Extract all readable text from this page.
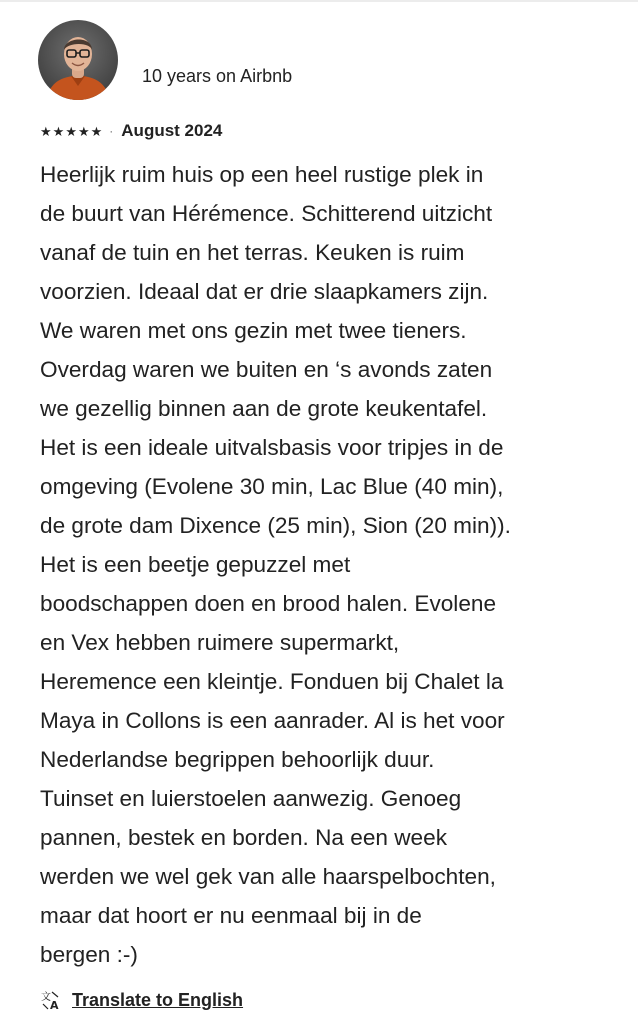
10 years on Airbnb
★ ★ ★ ★ ★ · August 2024

Heerlijk ruim huis op een heel rustige plek in
de buurt van Hérémence. Schitterend uitzicht
vanaf de tuin en het terras. Keuken is ruim
voorzien. Ideaal dat er drie slaapkamers zijn.
We waren met ons gezin met twee tieners.
Overdag waren we buiten en ‘s avonds zaten
we gezellig binnen aan de grote keukentafel.
Het is een ideale uitvalsbasis voor tripjes in de
omgeving (Evolene 30 min, Lac Blue (40 min),
de grote dam Dixence (25 min), Sion (20 min)).
Het is een beetje gepuzzel met
boodschappen doen en brood halen. Evolene
en Vex hebben ruimere supermarkt,
Heremence een kleintje. Fonduen bij Chalet la
Maya in Collons is een aanrader. Al is het voor
Nederlandse begrippen behoorlijk duur.
Tuinset en luierstoelen aanwezig. Genoeg
pannen, bestek en borden. Na een week
werden we wel gek van alle haarspelbochten,
maar dat hoort er nu eenmaal bij in de
bergen :-)

文
A Translate to English
